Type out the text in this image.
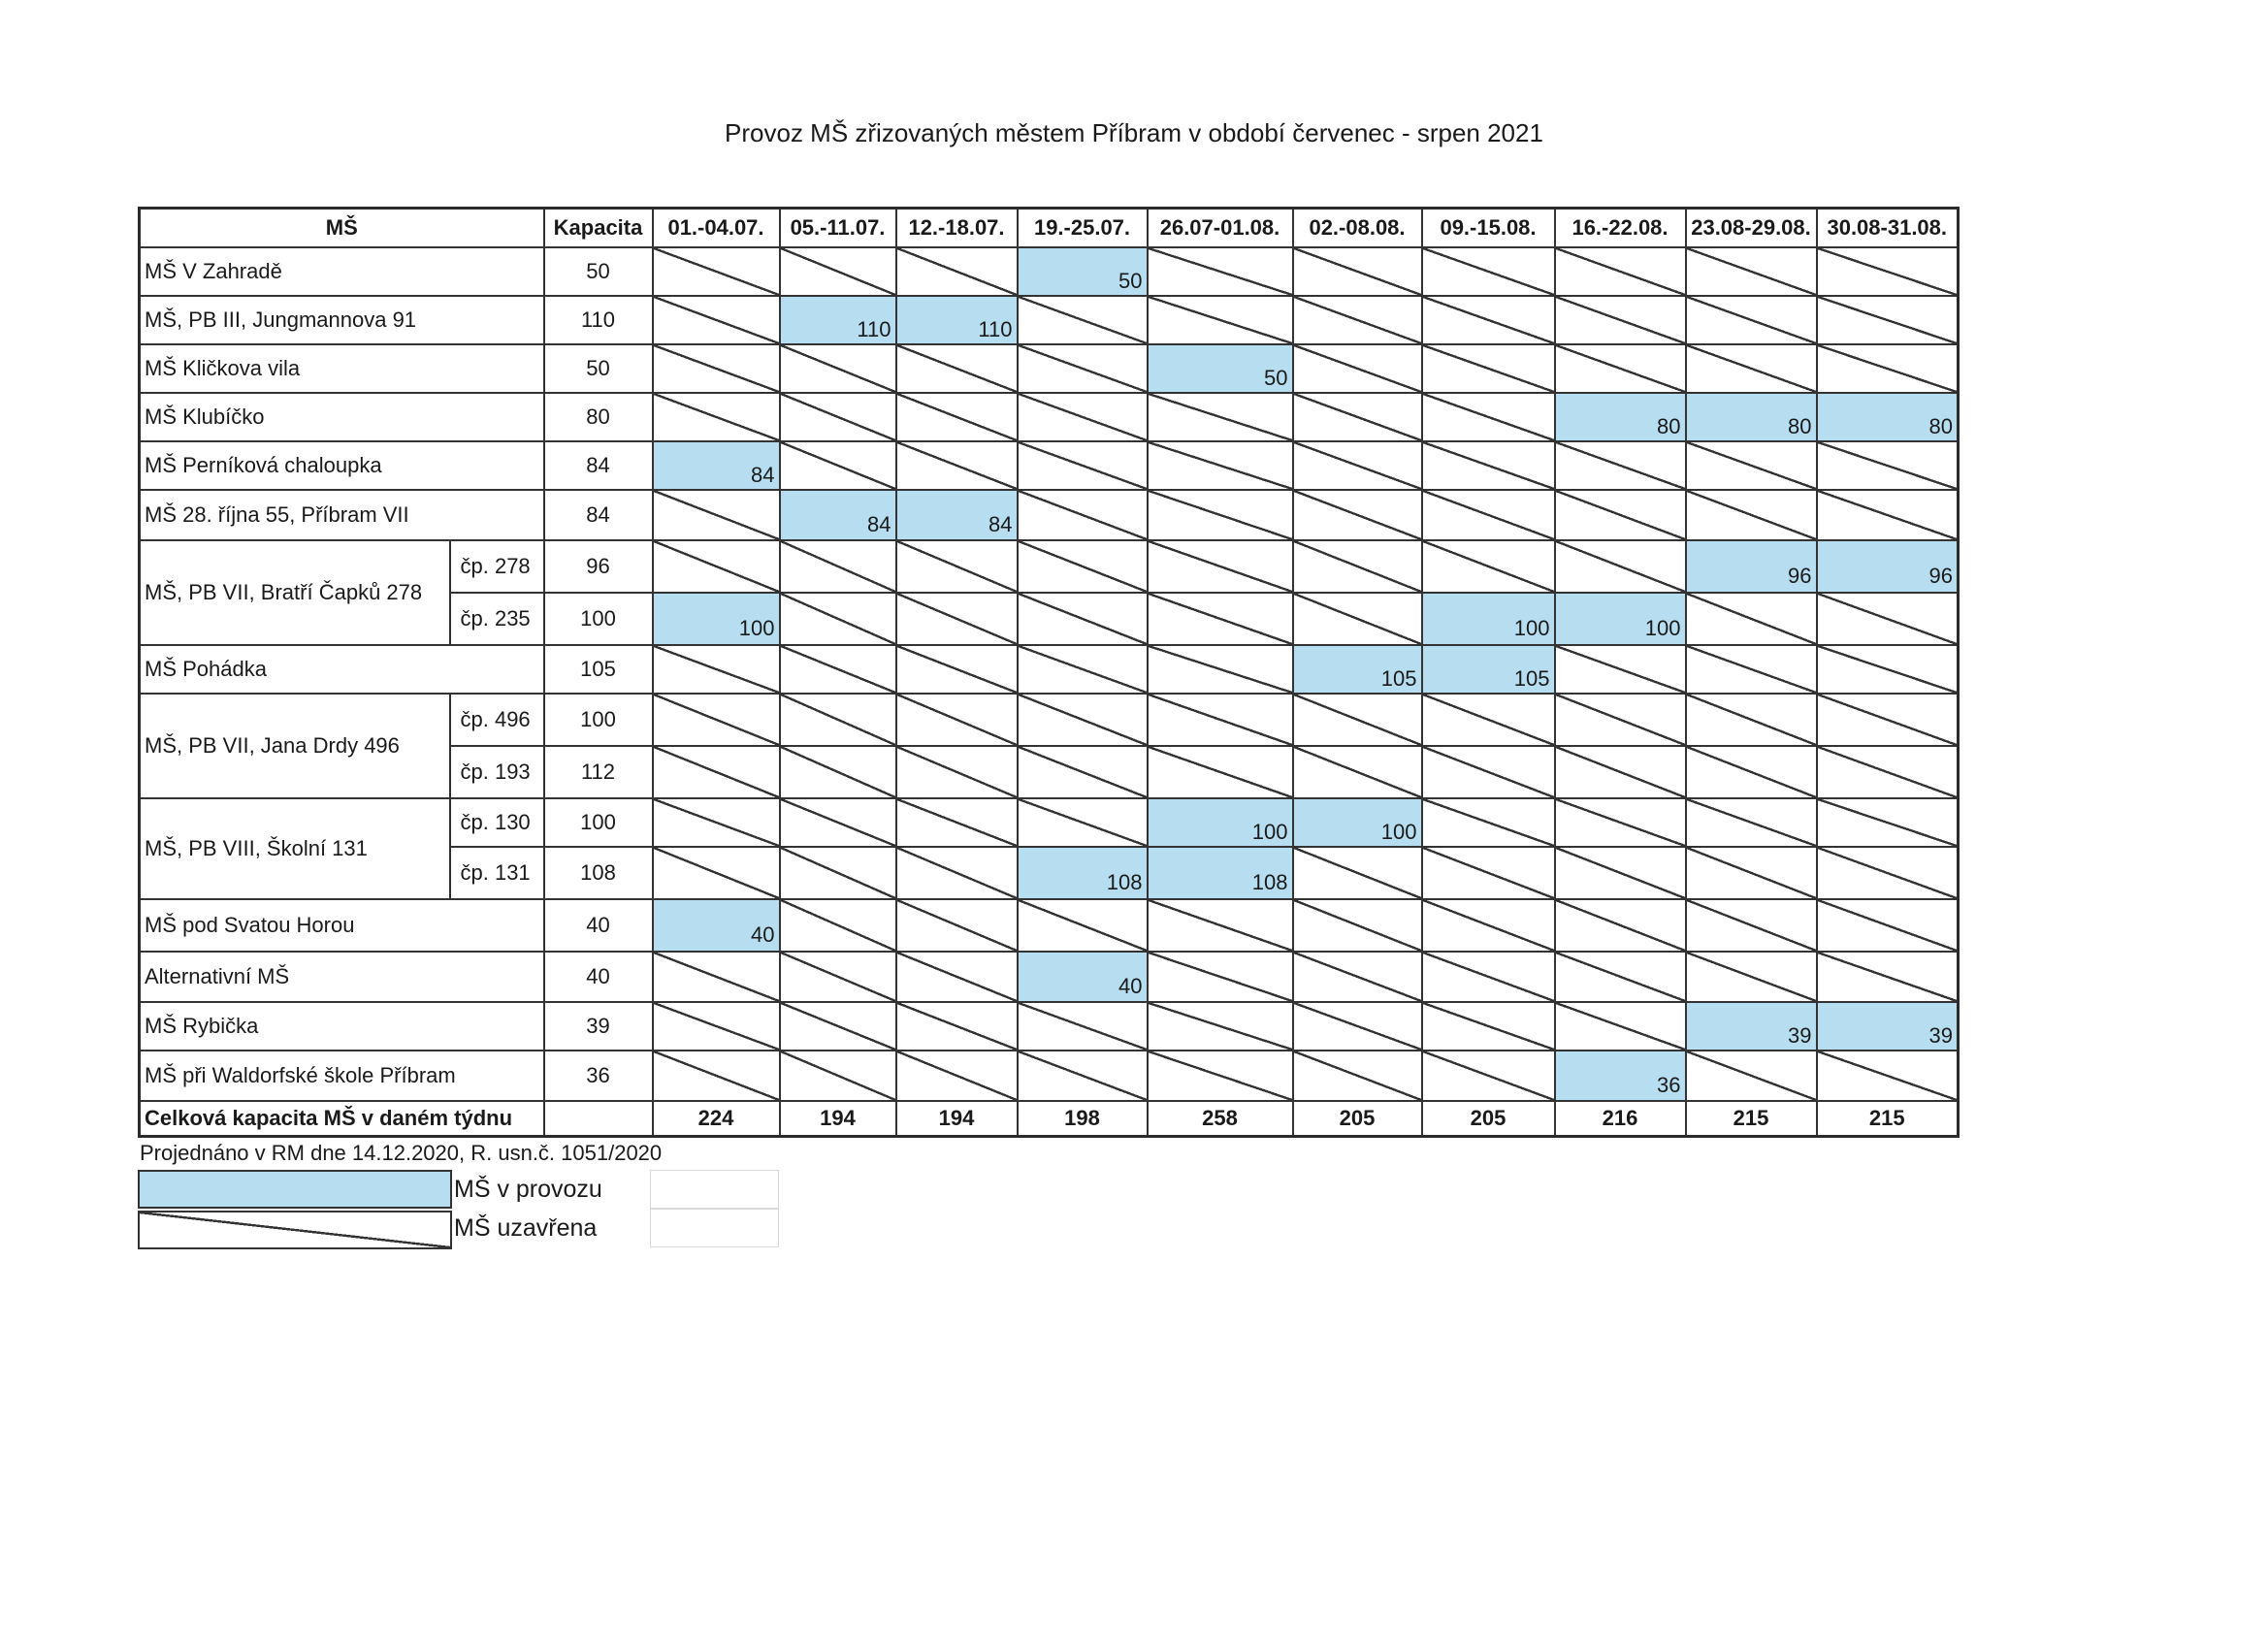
Provoz MŠ zřizovaných městem Příbram v období červenec - srpen 2021
MŠ		Kapacita	01.-04.07.	05.-11.07.	12.-18.07.	19.-25.07.	26.07-01.08.	02.-08.08.	09.-15.08.	16.-22.08.	23.08-29.08.	30.08-31.08.
MŠ V Zahradě		50				50						
MŠ, PB III, Jungmannova 91		110		110	110							
MŠ Kličkova vila		50					50					
MŠ Klubíčko		80								80	80	80
MŠ Perníková chaloupka		84	84									
MŠ 28. října 55, Příbram VII		84		84	84							
MŠ, PB VII, Bratří Čapků 278	čp. 278	96									96	96
	čp. 235	100	100						100	100		
MŠ Pohádka		105						105	105			
MŠ, PB VII, Jana Drdy 496	čp. 496	100										
	čp. 193	112										
MŠ, PB VIII, Školní 131	čp. 130	100					100	100				
	čp. 131	108				108	108					
MŠ pod Svatou Horou		40	40									
Alternativní MŠ		40				40						
MŠ Rybička		39									39	39
MŠ při Waldorfské škole Příbram		36								36		
Celková kapacita MŠ v daném týdnu			224	194	194	198	258	205	205	216	215	215
Projednáno v RM dne 14.12.2020, R. usn.č. 1051/2020
MŠ v provozu
MŠ uzavřena
